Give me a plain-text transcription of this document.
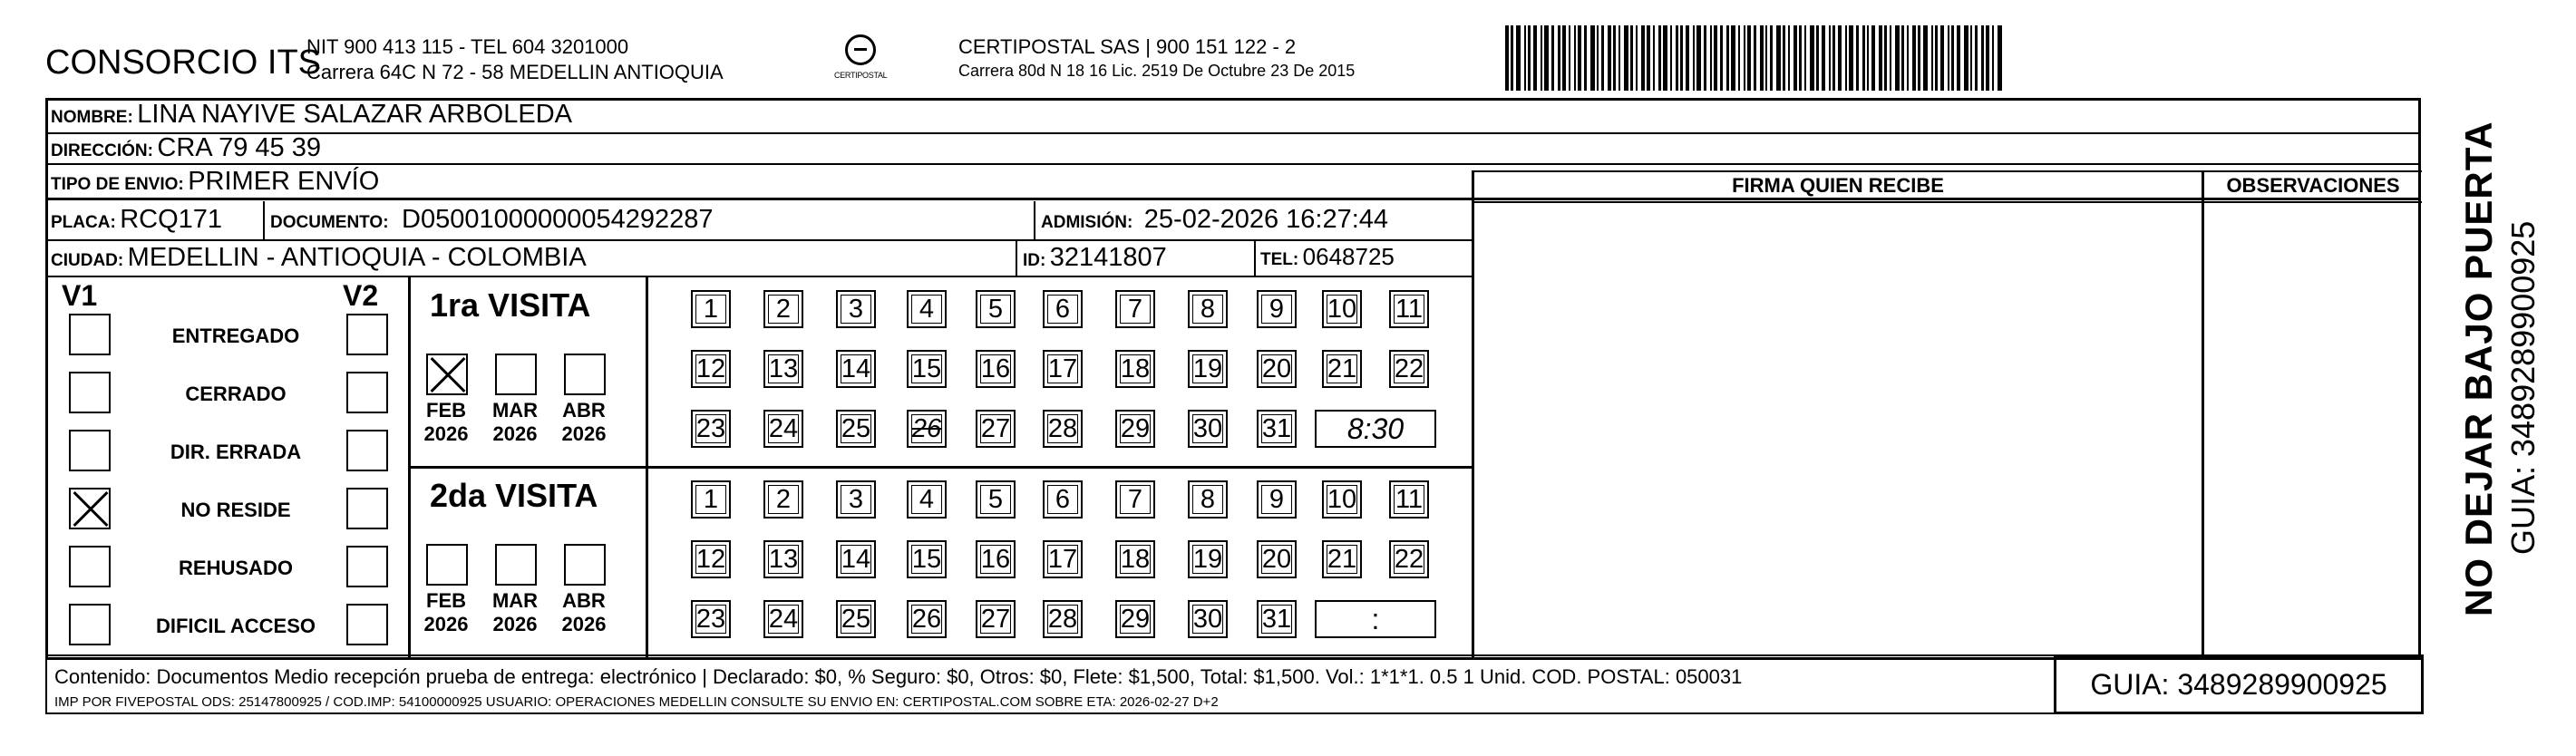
CONSORCIO ITS
NIT 900 413 115 - TEL 604 3201000
Carrera 64C N 72 - 58 MEDELLIN ANTIOQUIA	CERTIPOSTAL
CERTIPOSTAL SAS | 900 151 122 - 2
Carrera 80d N 18 16 Lic. 2519 De Octubre 23 De 2015
NOMBRE: LINA NAYIVE SALAZAR ARBOLEDA
DIRECCIÓN: CRA 79 45 39
TIPO DE ENVIO: PRIMER ENVÍO
PLACA: RCQ171	DOCUMENTO: D05001000000054292287	ADMISIÓN: 25-02-2026 16:27:44
CIUDAD: MEDELLIN - ANTIOQUIA - COLOMBIA	ID: 32141807	TEL: 0648725
FIRMA QUIEN RECIBE	OBSERVACIONES
V1	V2
ENTREGADO
CERRADO
DIR. ERRADA
NO RESIDE
REHUSADO
DIFICIL ACCESO
1ra VISITA
FEB
2026
MAR
2026
ABR
2026
1	2	3	4	5	6	7	8	9	10 11
12 13 14 15 16 17 18 19 20 21 22
23 24 25 26 27 28 29 30 31	8:30
2da VISITA
FEB
2026
MAR
2026
ABR
2026
1	2	3	4	5	6	7	8	9	10 11
12 13 14 15 16 17 18 19 20 21 22
23 24 25 26 27 28 29 30 31	:
Contenido: Documentos Medio recepción prueba de entrega: electrónico | Declarado: $0, % Seguro: $0, Otros: $0, Flete: $1,500, Total: $1,500. Vol.: 1*1*1. 0.5 1 Unid. COD. POSTAL: 050031
IMP POR FIVEPOSTAL ODS: 25147800925 / COD.IMP: 54100000925 USUARIO: OPERACIONES MEDELLIN CONSULTE SU ENVIO EN: CERTIPOSTAL.COM SOBRE ETA: 2026-02-27 D+2
GUIA: 3489289900925
NO DEJAR BAJO PUERTA GUIA: 3489289900925
